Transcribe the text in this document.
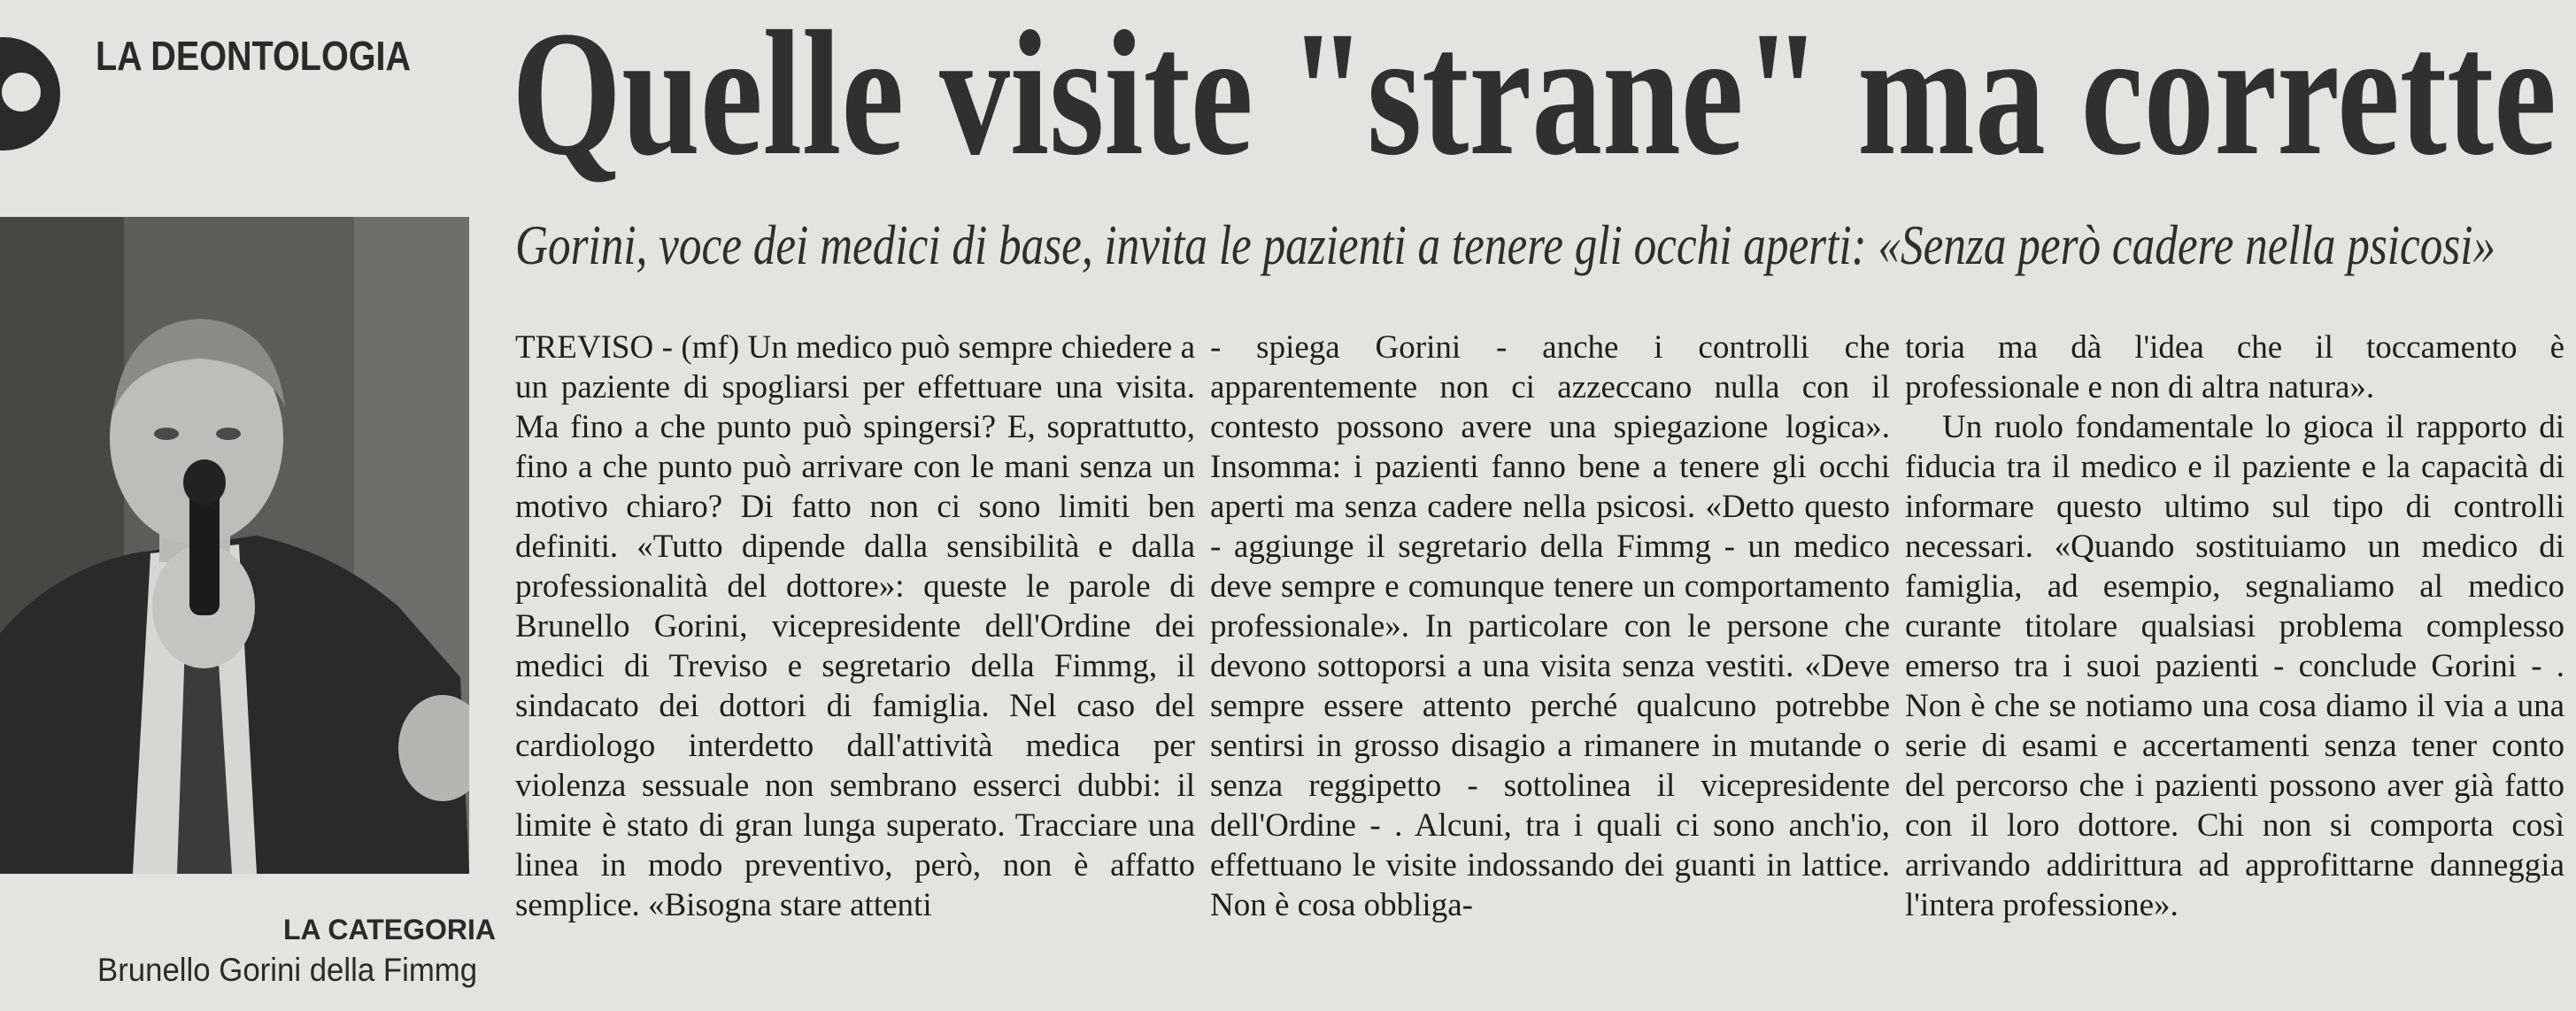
LA DEONTOLOGIA Quelle visite "strane" ma corrette
Gorini, voce dei medici di base, invita le pazienti a tenere gli occhi aperti: «Senza però cadere nella psicosi»
LA CATEGORIA
Brunello Gorini della Fimmg

TREVISO - (mf) Un medico può sempre chiedere a un paziente di spogliarsi per effettuare una visita. Ma fino a che punto può spingersi? E, soprattutto, fino a che punto può arrivare con le mani senza un motivo chiaro? Di fatto non ci sono limiti ben definiti. «Tutto dipende dalla sensibilità e dalla professionalità del dottore»: queste le parole di Brunello Gorini, vicepresidente dell'Ordine dei medici di Treviso e segretario della Fimmg, il sindacato dei dottori di famiglia. Nel caso del cardiologo interdetto dall'attività medica per violenza sessuale non sembrano esserci dubbi: il limite è stato di gran lunga superato. Tracciare una linea in modo preventivo, però, non è affatto semplice. «Bisogna stare attenti

- spiega Gorini - anche i controlli che apparentemente non ci azzeccano nulla con il contesto possono avere una spiegazione logica». Insomma: i pazienti fanno bene a tenere gli occhi aperti ma senza cadere nella psicosi. «Detto questo - aggiunge il segretario della Fimmg - un medico deve sempre e comunque tenere un comportamento professionale». In particolare con le persone che devono sottoporsi a una visita senza vestiti. «Deve sempre essere attento perché qualcuno potrebbe sentirsi in grosso disagio a rimanere in mutande o senza reggipetto - sottolinea il vicepresidente dell'Ordine - . Alcuni, tra i quali ci sono anch'io, effettuano le visite indossando dei guanti in lattice. Non è cosa obbliga-

toria ma dà l'idea che il toccamento è professionale e non di altra natura».

Un ruolo fondamentale lo gioca il rapporto di fiducia tra il medico e il paziente e la capacità di informare questo ultimo sul tipo di controlli necessari. «Quando sostituiamo un medico di famiglia, ad esempio, segnaliamo al medico curante titolare qualsiasi problema complesso emerso tra i suoi pazienti - conclude Gorini - . Non è che se notiamo una cosa diamo il via a una serie di esami e accertamenti senza tener conto del percorso che i pazienti possono aver già fatto con il loro dottore. Chi non si comporta così arrivando addirittura ad approfittarne danneggia l'intera professione».
